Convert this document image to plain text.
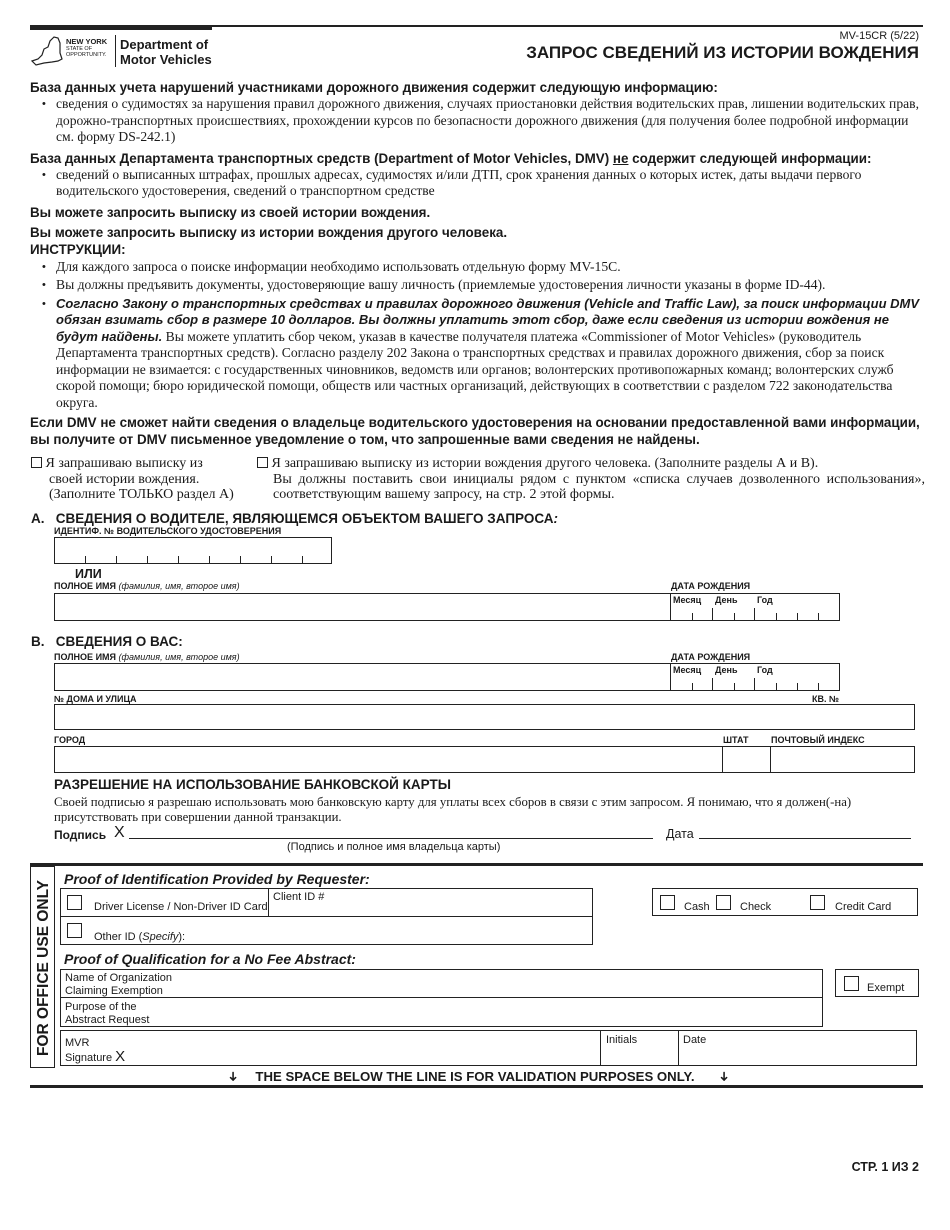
NEW YORK
STATE OF
OPPORTUNITY.
Department of
Motor Vehicles
MV-15CR (5/22)
ЗАПРОС СВЕДЕНИЙ ИЗ ИСТОРИИ ВОЖДЕНИЯ
База данных учета нарушений участниками дорожного движения содержит следующую информацию:
• сведения о судимостях за нарушения правил дорожного движения, случаях приостановки действия водительских прав, лишении водительских прав, дорожно-транспортных происшествиях, прохождении курсов по безопасности дорожного движения (для получения более подробной информации см. форму DS-242.1)
База данных Департамента транспортных средств (Department of Motor Vehicles, DMV) не содержит следующей информации:
• сведений о выписанных штрафах, прошлых адресах, судимостях и/или ДТП, срок хранения данных о которых истек, даты выдачи первого водительского удостоверения, сведений о транспортном средстве
Вы можете запросить выписку из своей истории вождения.
Вы можете запросить выписку из истории вождения другого человека.
ИНСТРУКЦИИ:
• Для каждого запроса о поиске информации необходимо использовать отдельную форму MV-15C.
• Вы должны предъявить документы, удостоверяющие вашу личность (приемлемые удостоверения личности указаны в форме ID-44).
• Согласно Закону о транспортных средствах и правилах дорожного движения (Vehicle and Traffic Law), за поиск информации DMV обязан взимать сбор в размере 10 долларов. Вы должны уплатить этот сбор, даже если сведения из истории вождения не будут найдены. Вы можете уплатить сбор чеком, указав в качестве получателя платежа «Commissioner of Motor Vehicles» (руководитель Департамента транспортных средств). Согласно разделу 202 Закона о транспортных средствах и правилах дорожного движения, сбор за поиск информации не взимается: с государственных чиновников, ведомств или органов; волонтерских противопожарных команд; волонтерских служб скорой помощи; бюро юридической помощи, обществ или частных организаций, действующих в соответствии с разделом 722 законодательства округа.
Если DMV не сможет найти сведения о владельце водительского удостоверения на основании предоставленной вами информации, вы получите от DMV письменное уведомление о том, что запрошенные вами сведения не найдены.
Я запрашиваю выписку из
своей истории вождения.
(Заполните ТОЛЬКО раздел А)
Я запрашиваю выписку из истории вождения другого человека. (Заполните разделы А и В).
Вы должны поставить свои инициалы рядом с пунктом «списка случаев дозволенного использования», соответствующим вашему запросу, на стр. 2 этой формы.
A. СВЕДЕНИЯ О ВОДИТЕЛЕ, ЯВЛЯЮЩЕМСЯ ОБЪЕКТОМ ВАШЕГО ЗАПРОСА:
ИДЕНТИФ. № ВОДИТЕЛЬСКОГО УДОСТОВЕРЕНИЯ
ИЛИ
ПОЛНОЕ ИМЯ (фамилия, имя, второе имя)	ДАТА РОЖДЕНИЯ
Месяц День Год
B. СВЕДЕНИЯ О ВАС:
ПОЛНОЕ ИМЯ (фамилия, имя, второе имя)	ДАТА РОЖДЕНИЯ
Месяц День Год
№ ДОМА И УЛИЦА	КВ. №
ГОРОД	ШТАТ ПОЧТОВЫЙ ИНДЕКС
РАЗРЕШЕНИЕ НА ИСПОЛЬЗОВАНИЕ БАНКОВСКОЙ КАРТЫ
Своей подписью я разрешаю использовать мою банковскую карту для уплаты всех сборов в связи с этим запросом. Я понимаю, что я должен(-на) присутствовать при совершении данной транзакции.
Подпись X	Дата
(Подпись и полное имя владельца карты)
FOR OFFICE USE ONLY
Proof of Identification Provided by Requester:
Driver License / Non-Driver ID Card
Client ID #
Other ID (Specify):
Cash	Check	Credit Card
Proof of Qualification for a No Fee Abstract:
Name of Organization
Claiming Exemption
Purpose of the
Abstract Request
Exempt
MVR
Signature X
Initials	Date
➜	THE SPACE BELOW THE LINE IS FOR VALIDATION PURPOSES ONLY.	➜
СТР. 1 ИЗ 2
